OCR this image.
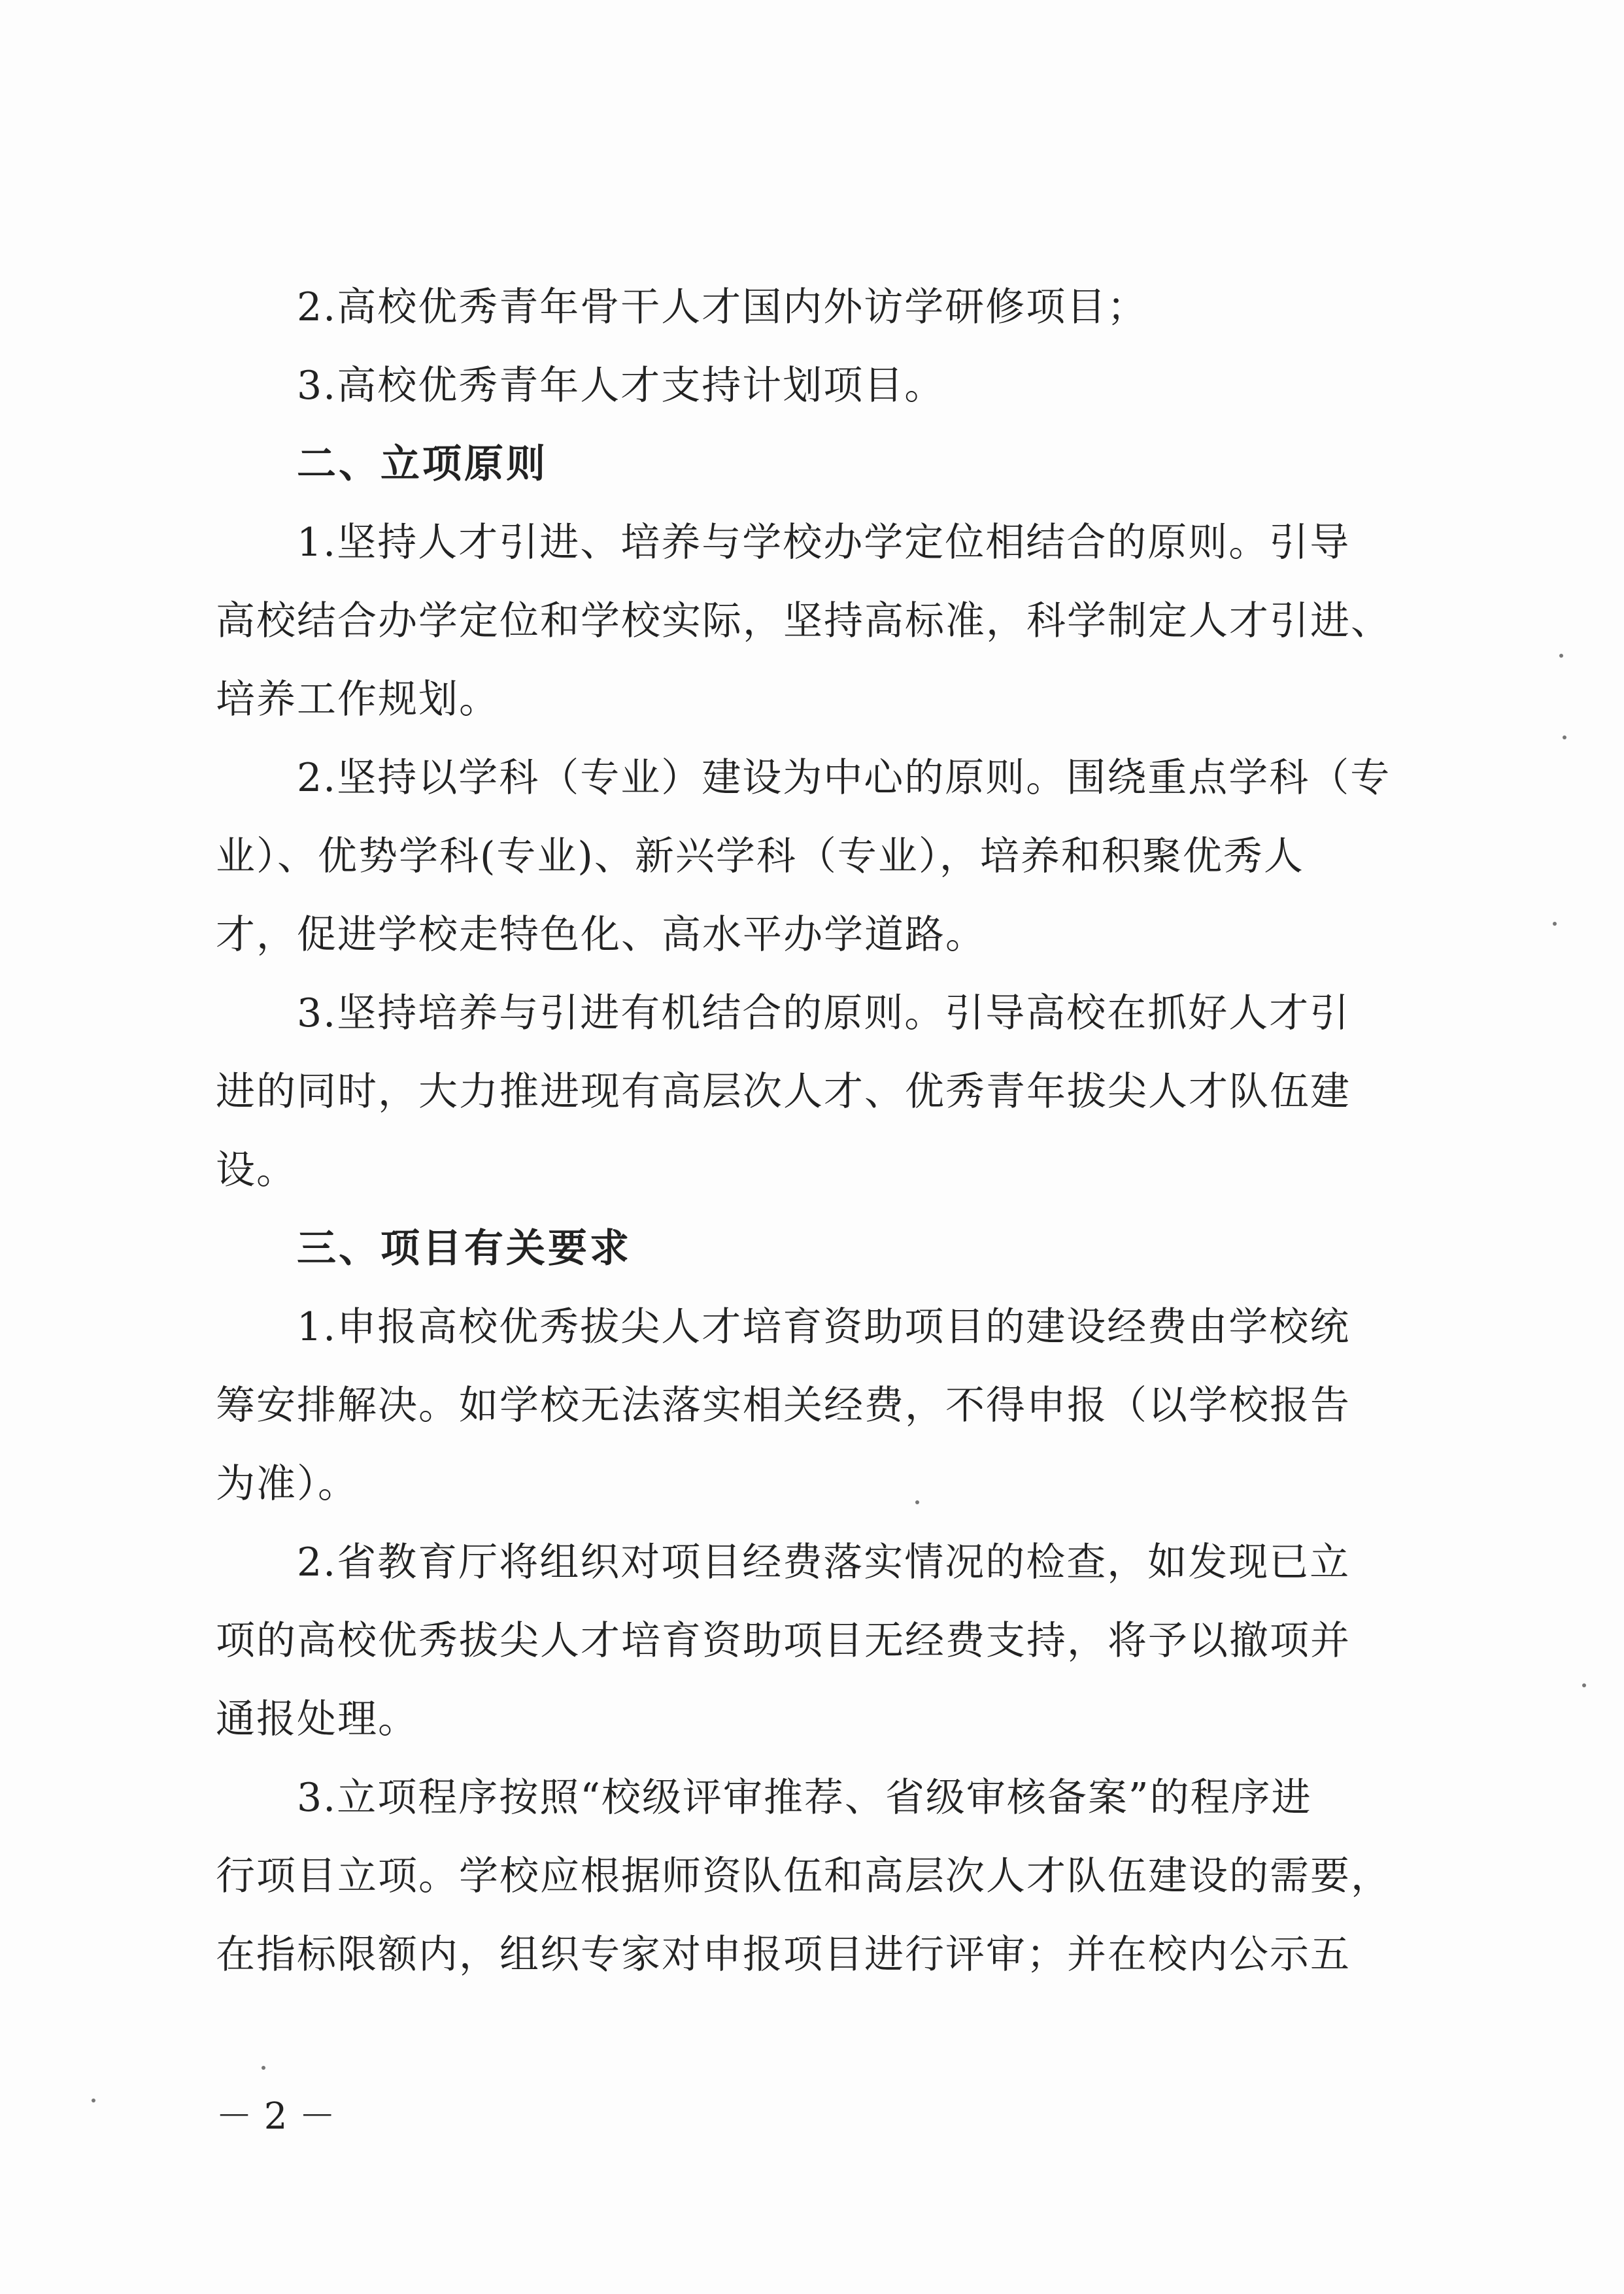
2.高校优秀青年骨干人才国内外访学研修项目；
3.高校优秀青年人才支持计划项目。
二、立项原则
1.坚持人才引进、培养与学校办学定位相结合的原则。引导
高校结合办学定位和学校实际，坚持高标准，科学制定人才引进、
培养工作规划。
2.坚持以学科（专业）建设为中心的原则。围绕重点学科（专
业）、优势学科(专业)、新兴学科（专业），培养和积聚优秀人
才，促进学校走特色化、高水平办学道路。
3.坚持培养与引进有机结合的原则。引导高校在抓好人才引
进的同时，大力推进现有高层次人才、优秀青年拔尖人才队伍建
设。
三、项目有关要求
1.申报高校优秀拔尖人才培育资助项目的建设经费由学校统
筹安排解决。如学校无法落实相关经费，不得申报（以学校报告
为准）。
2.省教育厅将组织对项目经费落实情况的检查，如发现已立
项的高校优秀拔尖人才培育资助项目无经费支持，将予以撤项并
通报处理。
3.立项程序按照“校级评审推荐、省级审核备案”的程序进
行项目立项。学校应根据师资队伍和高层次人才队伍建设的需要，
在指标限额内，组织专家对申报项目进行评审；并在校内公示五
－ 2 －
